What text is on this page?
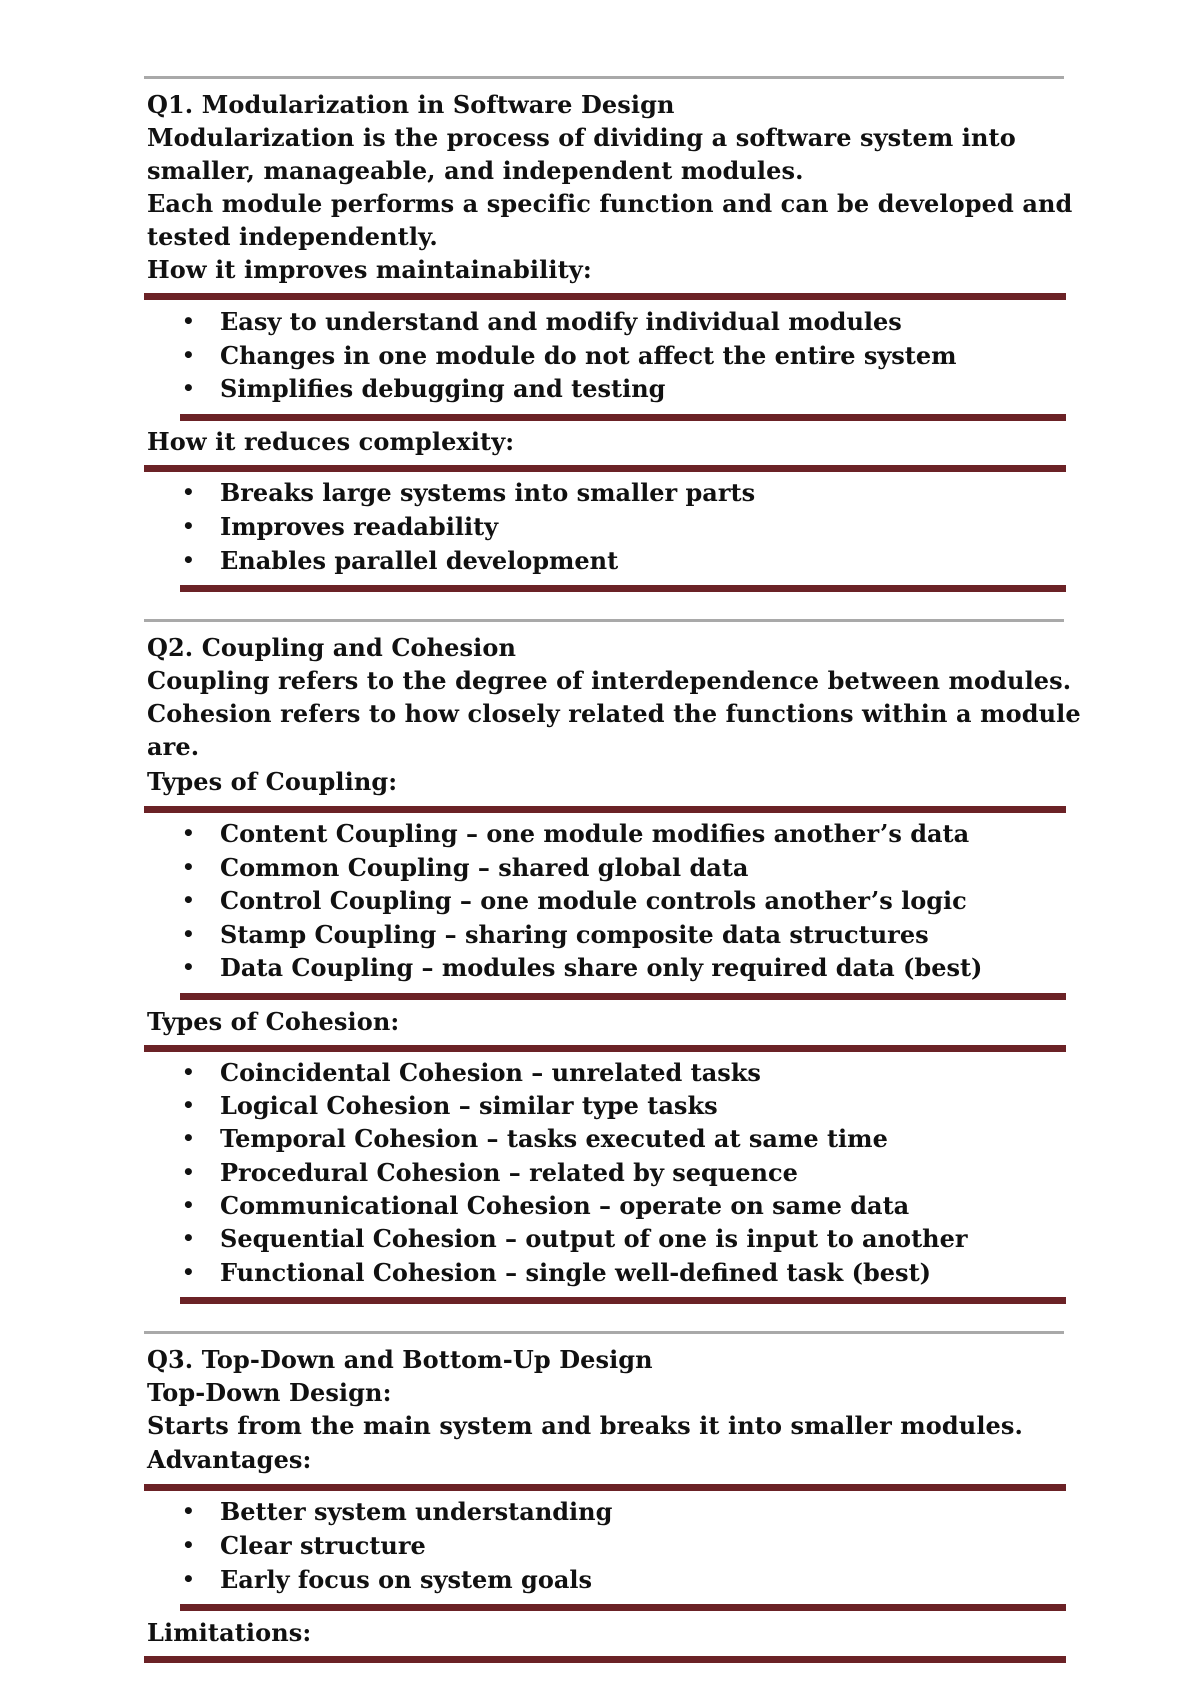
Q1. Modularization in Software Design
Modularization is the process of dividing a software system into
smaller, manageable, and independent modules.
Each module performs a specific function and can be developed and
tested independently.
How it improves maintainability:
• Easy to understand and modify individual modules
• Changes in one module do not affect the entire system
• Simplifies debugging and testing
How it reduces complexity:
• Breaks large systems into smaller parts
• Improves readability
• Enables parallel development
Q2. Coupling and Cohesion
Coupling refers to the degree of interdependence between modules.
Cohesion refers to how closely related the functions within a module
are.
Types of Coupling:
• Content Coupling – one module modifies another’s data
• Common Coupling – shared global data
• Control Coupling – one module controls another’s logic
• Stamp Coupling – sharing composite data structures
• Data Coupling – modules share only required data (best)
Types of Cohesion:
• Coincidental Cohesion – unrelated tasks
• Logical Cohesion – similar type tasks
• Temporal Cohesion – tasks executed at same time
• Procedural Cohesion – related by sequence
• Communicational Cohesion – operate on same data
• Sequential Cohesion – output of one is input to another
• Functional Cohesion – single well-defined task (best)
Q3. Top-Down and Bottom-Up Design
Top-Down Design:
Starts from the main system and breaks it into smaller modules.
Advantages:
• Better system understanding
• Clear structure
• Early focus on system goals
Limitations:
